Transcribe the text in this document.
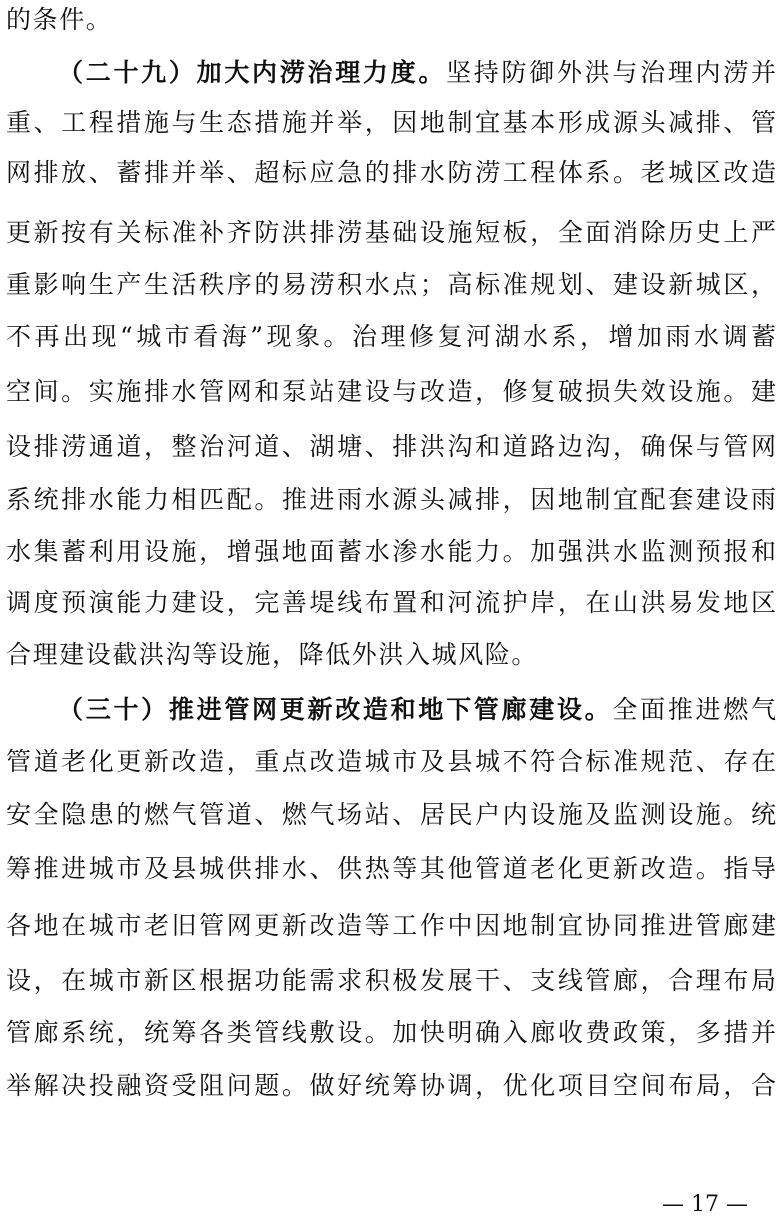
的条件。
（二十九）加大内涝治理力度。坚持防御外洪与治理内涝并
重、工程措施与生态措施并举，因地制宜基本形成源头减排、管
网排放、蓄排并举、超标应急的排水防涝工程体系。老城区改造
更新按有关标准补齐防洪排涝基础设施短板，全面消除历史上严
重影响生产生活秩序的易涝积水点；高标准规划、建设新城区，
不再出现“城市看海”现象。治理修复河湖水系，增加雨水调蓄
空间。实施排水管网和泵站建设与改造，修复破损失效设施。建
设排涝通道，整治河道、湖塘、排洪沟和道路边沟，确保与管网
系统排水能力相匹配。推进雨水源头减排，因地制宜配套建设雨
水集蓄利用设施，增强地面蓄水渗水能力。加强洪水监测预报和
调度预演能力建设，完善堤线布置和河流护岸，在山洪易发地区
合理建设截洪沟等设施，降低外洪入城风险。
（三十）推进管网更新改造和地下管廊建设。全面推进燃气
管道老化更新改造，重点改造城市及县城不符合标准规范、存在
安全隐患的燃气管道、燃气场站、居民户内设施及监测设施。统
筹推进城市及县城供排水、供热等其他管道老化更新改造。指导
各地在城市老旧管网更新改造等工作中因地制宜协同推进管廊建
设，在城市新区根据功能需求积极发展干、支线管廊，合理布局
管廊系统，统筹各类管线敷设。加快明确入廊收费政策，多措并
举解决投融资受阻问题。做好统筹协调，优化项目空间布局，合
— 17 —
